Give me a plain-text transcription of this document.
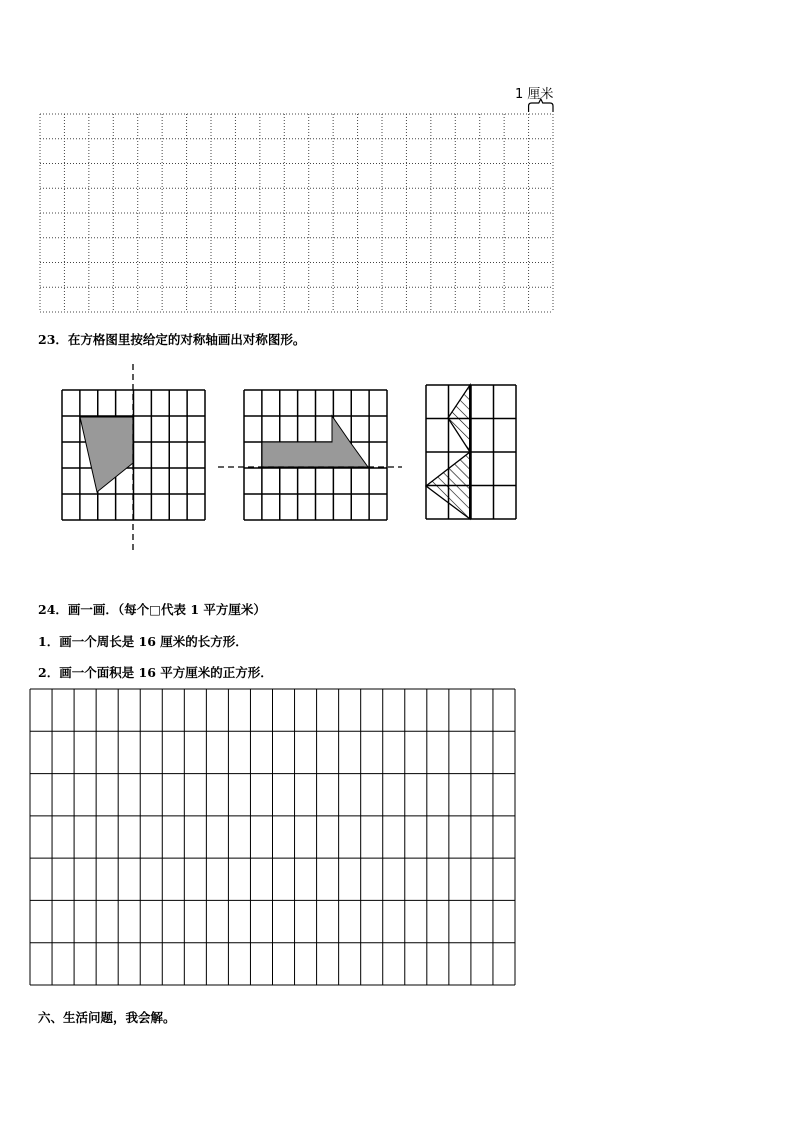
1 厘米
23．在方格图里按给定的对称轴画出对称图形。
24．画一画．（每个□代表 1 平方厘米）
1．画一个周长是 16 厘米的长方形．
2．画一个面积是 16 平方厘米的正方形．
六、生活问题，我会解。
